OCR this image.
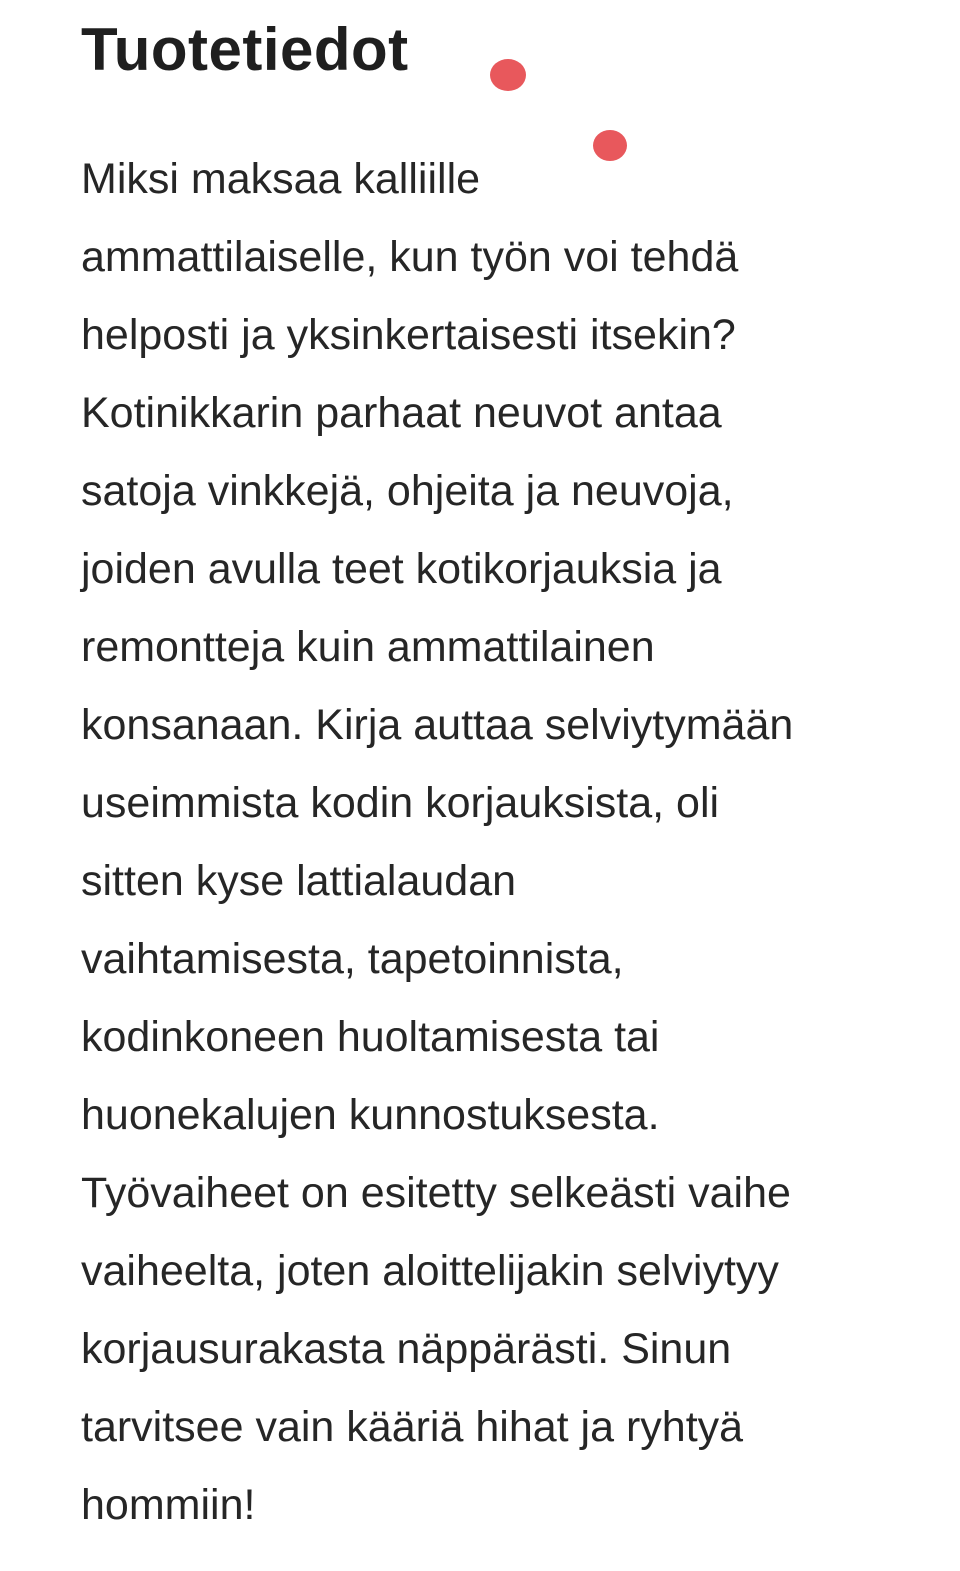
Tuotetiedot
Miksi maksaa kalliille
ammattilaiselle, kun työn voi tehdä
helposti ja yksinkertaisesti itsekin?
Kotinikkarin parhaat neuvot antaa
satoja vinkkejä, ohjeita ja neuvoja,
joiden avulla teet kotikorjauksia ja
remontteja kuin ammattilainen
konsanaan. Kirja auttaa selviytymään
useimmista kodin korjauksista, oli
sitten kyse lattialaudan
vaihtamisesta, tapetoinnista,
kodinkoneen huoltamisesta tai
huonekalujen kunnostuksesta.
Työvaiheet on esitetty selkeästi vaihe
vaiheelta, joten aloittelijakin selviytyy
korjausurakasta näppärästi. Sinun
tarvitsee vain kääriä hihat ja ryhtyä
hommiin!
